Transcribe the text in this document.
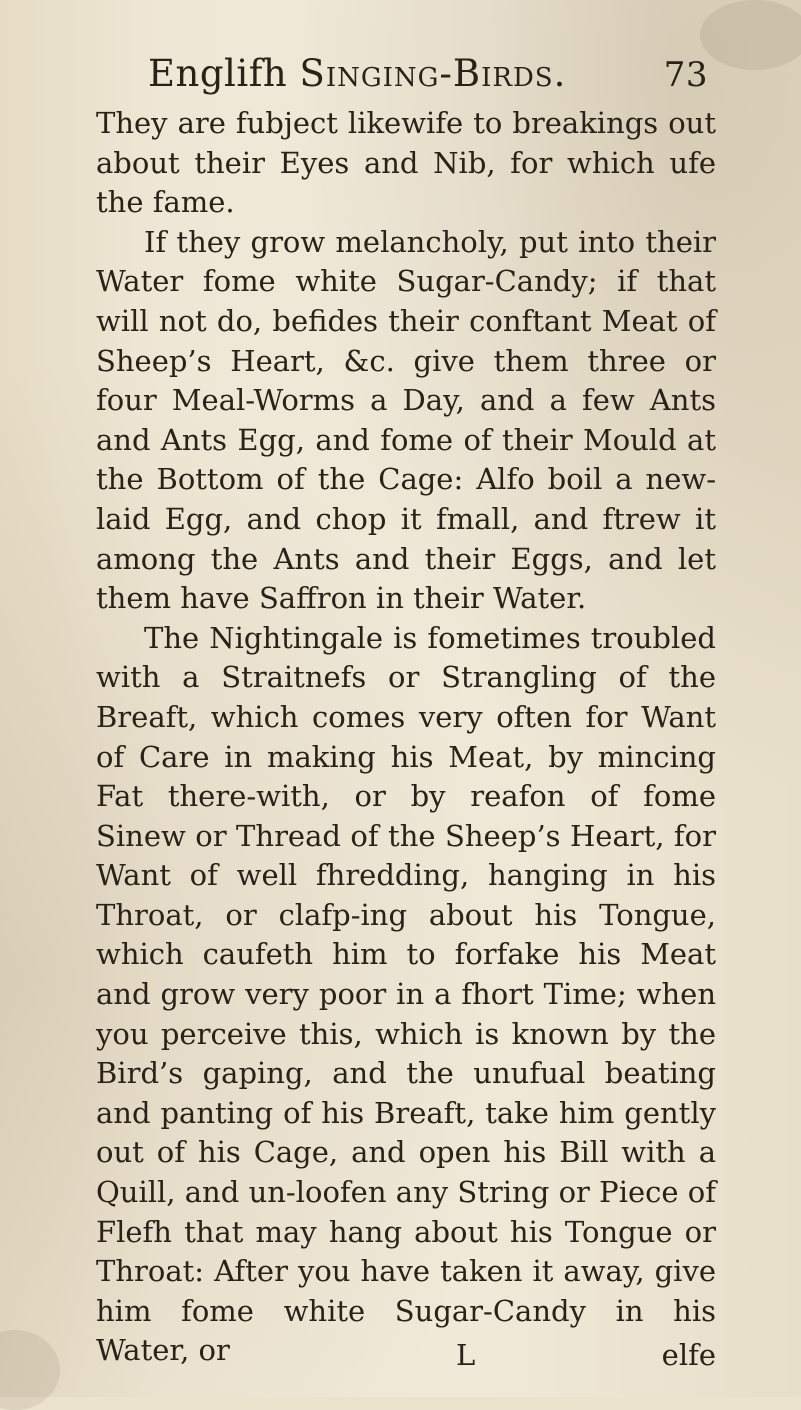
Englifh Singing-Birds.	73

They are fubject likewife to breakings out about their Eyes and Nib, for which ufe the fame.

If they grow melancholy, put into their Water fome white Sugar-Candy; if that will not do, befides their conftant Meat of Sheep’s Heart, &c. give them three or four Meal-Worms a Day, and a few Ants and Ants Egg, and fome of their Mould at the Bottom of the Cage: Alfo boil a new-laid Egg, and chop it fmall, and ftrew it among the Ants and their Eggs, and let them have Saffron in their Water.

The Nightingale is fometimes troubled with a Straitnefs or Strangling of the Breaft, which comes very often for Want of Care in making his Meat, by mincing Fat there-with, or by reafon of fome Sinew or Thread of the Sheep’s Heart, for Want of well fhredding, hanging in his Throat, or clafp-ing about his Tongue, which caufeth him to forfake his Meat and grow very poor in a fhort Time; when you perceive this, which is known by the Bird’s gaping, and the unufual beating and panting of his Breaft, take him gently out of his Cage, and open his Bill with a Quill, and un-loofen any String or Piece of Flefh that may hang about his Tongue or Throat: After you have taken it away, give him fome white Sugar-Candy in his Water, or	L	elfe
